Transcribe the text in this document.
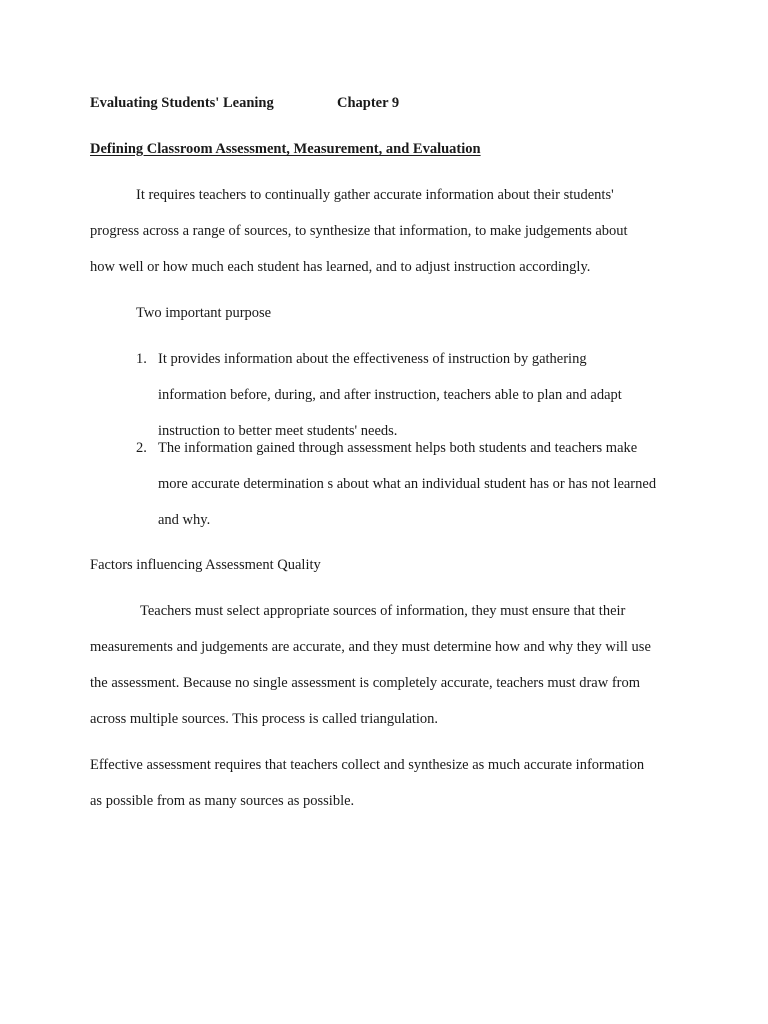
Evaluating Students' Leaning	Chapter 9
Defining Classroom Assessment, Measurement, and Evaluation
It requires teachers to continually gather accurate information about their students'
progress across a range of sources, to synthesize that information, to make judgements about
how well or how much each student has learned, and to adjust instruction accordingly.
Two important purpose
1. It provides information about the effectiveness of instruction by gathering
information before, during, and after instruction, teachers able to plan and adapt
instruction to better meet students' needs.
2. The information gained through assessment helps both students and teachers make
more accurate determination s about what an individual student has or has not learned
and why.
Factors influencing Assessment Quality
Teachers must select appropriate sources of information, they must ensure that their
measurements and judgements are accurate, and they must determine how and why they will use
the assessment. Because no single assessment is completely accurate, teachers must draw from
across multiple sources. This process is called triangulation.
Effective assessment requires that teachers collect and synthesize as much accurate information
as possible from as many sources as possible.
